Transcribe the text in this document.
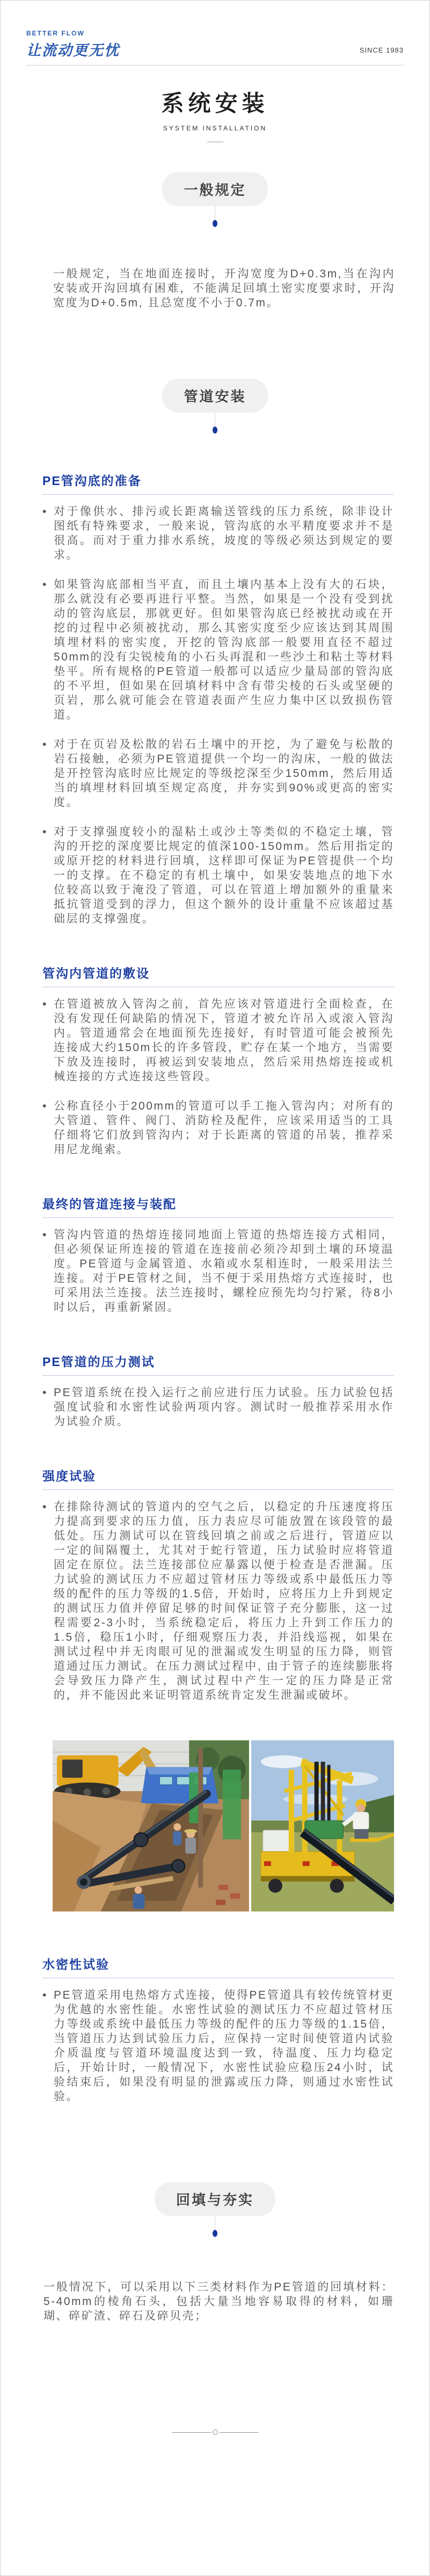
BETTER FLOW
让流动更无忧	SINCE 1983
系统安装
SYSTEM INSTALLATION
一般规定
一般规定，当在地面连接时，开沟宽度为D+0.3m,当在沟内安装或开沟回填有困难，不能满足回填土密实度要求时，开沟宽度为D+0.5m, 且总宽度不小于0.7m。
管道安装
PE管沟底的准备
• 对于像供水、排污或长距离输送管线的压力系统，除非设计图纸有特殊要求，一般来说，管沟底的水平精度要求并不是很高。而对于重力排水系统，坡度的等级必须达到规定的要求。
• 如果管沟底部相当平直，而且土壤内基本上没有大的石块，那么就没有必要再进行平整。当然，如果是一个没有受到扰动的管沟底层，那就更好。但如果管沟底已经被扰动或在开挖的过程中必须被扰动，那么其密实度至少应该达到其周围填埋材料的密实度，开挖的管沟底部一般要用直径不超过50mm的没有尖锐棱角的小石头再混和一些沙土和粘土等材料垫平。所有规格的PE管道一般都可以适应少量局部的管沟底的不平坦，但如果在回填材料中含有带尖棱的石头或坚硬的页岩，那么就可能会在管道表面产生应力集中区以致损伤管道。
• 对于在页岩及松散的岩石土壤中的开挖，为了避免与松散的岩石接触，必须为PE管道提供一个均一的沟床，一般的做法是开控管沟底时应比规定的等级挖深至少150mm，然后用适当的填埋材料回填至规定高度，并夯实到90%或更高的密实度。
• 对于支撑强度较小的湿粘土或沙土等类似的不稳定土壤，管沟的开挖的深度要比规定的值深100-150mm。然后用指定的或原开挖的材料进行回填，这样即可保证为PE管提供一个均一的支撑。在不稳定的有机土壤中，如果安装地点的地下水位较高以致于淹没了管道，可以在管道上增加额外的重量来抵抗管道受到的浮力，但这个额外的设计重量不应该超过基础层的支撑强度。
管沟内管道的敷设
• 在管道被放入管沟之前，首先应该对管道进行全面检查，在没有发现任何缺陷的情况下，管道才被允许吊入或滚入管沟内。管道通常会在地面预先连接好，有时管道可能会被预先连接成大约150m长的许多管段，贮存在某一个地方，当需要下放及连接时，再被运到安装地点，然后采用热熔连接或机械连接的方式连接这些管段。
• 公称直径小于200mm的管道可以手工拖入管沟内；对所有的大管道、管件、阀门、消防栓及配件，应该采用适当的工具仔细将它们放到管沟内；对于长距离的管道的吊装，推荐采用尼龙绳索。
最终的管道连接与装配
• 管沟内管道的热熔连接同地面上管道的热熔连接方式相同，但必须保证所连接的管道在连接前必须冷却到土壤的环境温度。PE管道与金属管道、水箱或水泵相连时，一般采用法兰连接。对于PE管材之间，当不便于采用热熔方式连接时，也可采用法兰连接。法兰连接时，螺栓应预先均匀拧紧，待8小时以后，再重新紧固。
PE管道的压力测试
• PE管道系统在投入运行之前应进行压力试验。压力试验包括强度试验和水密性试验两项内容。测试时一般推荐采用水作为试验介质。
强度试验
• 在排除待测试的管道内的空气之后，以稳定的升压速度将压力提高到要求的压力值，压力表应尽可能放置在该段管的最低处。压力测试可以在管线回填之前或之后进行，管道应以一定的间隔覆土，尤其对于蛇行管道，压力试验时应将管道固定在原位。法兰连接部位应暴露以便于检查是否泄漏。压力试验的测试压力不应超过管材压力等级或系中最低压力等级的配件的压力等级的1.5倍，开始时，应将压力上升到规定的测试压力值并停留足够的时间保证管子充分膨胀，这一过程需要2-3小时，当系统稳定后，将压力上升到工作压力的1.5倍，稳压1小时，仔细观察压力表，并沿线巡视，如果在测试过程中并无肉眼可见的泄漏或发生明显的压力降，则管道通过压力测试。在压力测试过程中, 由于管子的连续膨胀将会导致压力降产生，测试过程中产生一定的压力降是正常的，并不能因此来证明管道系统肯定发生泄漏或破坏。
水密性试验
• PE管道采用电热熔方式连接，使得PE管道具有较传统管材更为优越的水密性能。水密性试验的测试压力不应超过管材压力等级或系统中最低压力等级的配件的压力等级的1.15倍，当管道压力达到试验压力后，应保持一定时间使管道内试验介质温度与管道环境温度达到一致，待温度、压力均稳定后，开始计时，一般情况下，水密性试验应稳压24小时，试验结束后，如果没有明显的泄露或压力降，则通过水密性试验。
回填与夯实
一般情况下，可以采用以下三类材料作为PE管道的回填材料：5-40mm的棱角石头，包括大量当地容易取得的材料，如珊瑚、碎矿渣、碎石及碎贝壳；
